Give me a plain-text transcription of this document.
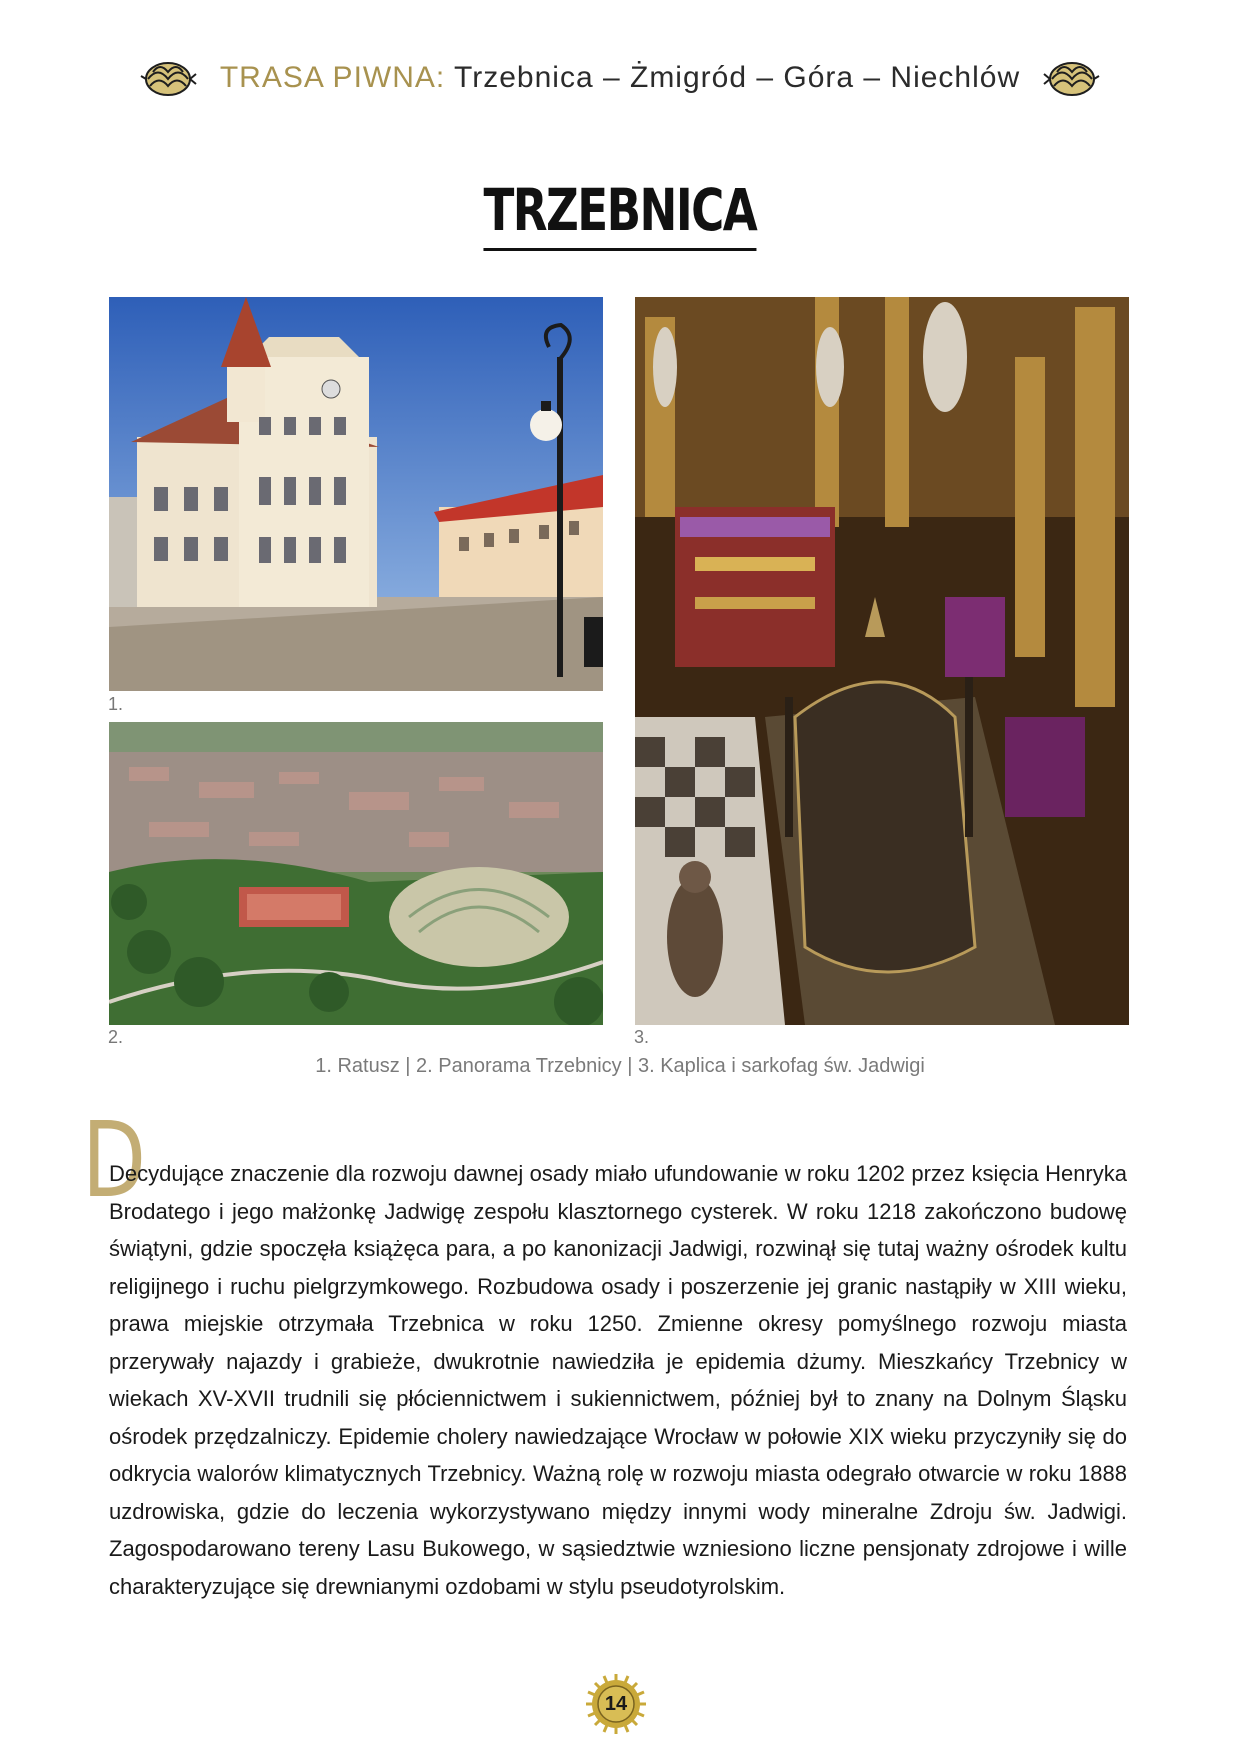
TRASA PIWNA: Trzebnica – Żmigród – Góra – Niechlów
TRZEBNICA
1.
2.	3.
1. Ratusz | 2. Panorama Trzebnicy | 3. Kaplica i sarkofag św. Jadwigi
D

Decydujące znaczenie dla rozwoju dawnej osady miało ufundowanie w roku 1202 przez księcia Henryka Brodatego i jego małżonkę Jadwigę zespołu klasztornego cysterek. W roku 1218 zakończono budowę świątyni, gdzie spoczęła książęca para, a po kanonizacji Jadwigi, rozwinął się tutaj ważny ośrodek kultu religijnego i ruchu pielgrzymkowego. Rozbudowa osady i poszerzenie jej granic nastąpiły w XIII wieku, prawa miejskie otrzymała Trzebnica w roku 1250. Zmienne okresy pomyślnego rozwoju miasta przerywały najazdy i grabieże, dwukrotnie nawiedziła je epidemia dżumy. Mieszkańcy Trzebnicy w wiekach XV-XVII trudnili się płóciennictwem i sukiennictwem, później był to znany na Dolnym Śląsku ośrodek przędzalniczy. Epidemie cholery nawiedzające Wrocław w połowie XIX wieku przyczyniły się do odkrycia walorów klimatycznych Trzebnicy. Ważną rolę w rozwoju miasta odegrało otwarcie w roku 1888 uzdrowiska, gdzie do leczenia wykorzystywano między innymi wody mineralne Zdroju św. Jadwigi. Zagospodarowano tereny Lasu Bukowego, w sąsiedztwie wzniesiono liczne pensjonaty zdrojowe i wille charakteryzujące się drewnianymi ozdobami w stylu pseudotyrolskim.

14
